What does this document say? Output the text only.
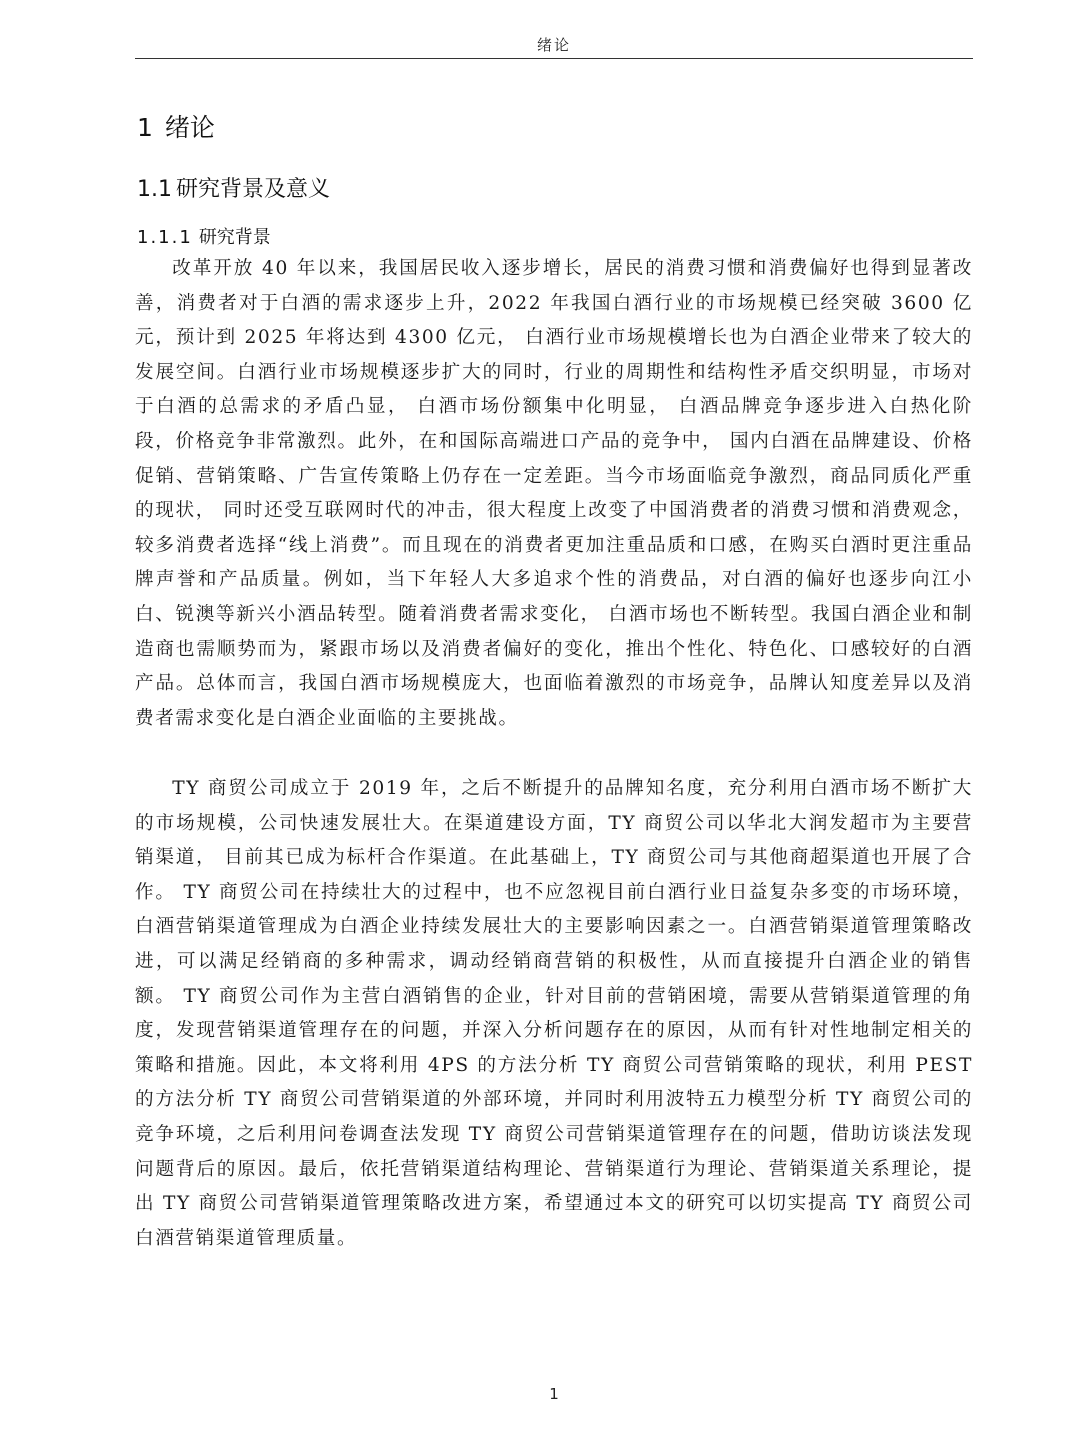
绪论
1 绪论
1.1 研究背景及意义
1.1.1 研究背景

改革开放 40 年以来，我国居民收入逐步增长，居民的消费习惯和消费偏好也得到显著改善，消费者对于白酒的需求逐步上升，2022 年我国白酒行业的市场规模已经突破 3600 亿元，预计到 2025 年将达到 4300 亿元， 白酒行业市场规模增长也为白酒企业带来了较大的发展空间。白酒行业市场规模逐步扩大的同时，行业的周期性和结构性矛盾交织明显，市场对于白酒的总需求的矛盾凸显， 白酒市场份额集中化明显， 白酒品牌竞争逐步进入白热化阶段，价格竞争非常激烈。此外，在和国际高端进口产品的竞争中， 国内白酒在品牌建设、价格促销、营销策略、广告宣传策略上仍存在一定差距。当今市场面临竞争激烈，商品同质化严重的现状， 同时还受互联网时代的冲击，很大程度上改变了中国消费者的消费习惯和消费观念，较多消费者选择“线上消费”。而且现在的消费者更加注重品质和口感，在购买白酒时更注重品牌声誉和产品质量。例如，当下年轻人大多追求个性的消费品，对白酒的偏好也逐步向江小白、锐澳等新兴小酒品转型。随着消费者需求变化， 白酒市场也不断转型。我国白酒企业和制造商也需顺势而为，紧跟市场以及消费者偏好的变化，推出个性化、特色化、口感较好的白酒产品。总体而言，我国白酒市场规模庞大，也面临着激烈的市场竞争，品牌认知度差异以及消费者需求变化是白酒企业面临的主要挑战。

TY 商贸公司成立于 2019 年，之后不断提升的品牌知名度，充分利用白酒市场不断扩大的市场规模，公司快速发展壮大。在渠道建设方面，TY 商贸公司以华北大润发超市为主要营销渠道， 目前其已成为标杆合作渠道。在此基础上，TY 商贸公司与其他商超渠道也开展了合作。 TY 商贸公司在持续壮大的过程中，也不应忽视目前白酒行业日益复杂多变的市场环境， 白酒营销渠道管理成为白酒企业持续发展壮大的主要影响因素之一。白酒营销渠道管理策略改进，可以满足经销商的多种需求，调动经销商营销的积极性，从而直接提升白酒企业的销售额。 TY 商贸公司作为主营白酒销售的企业，针对目前的营销困境，需要从营销渠道管理的角度，发现营销渠道管理存在的问题，并深入分析问题存在的原因，从而有针对性地制定相关的策略和措施。因此，本文将利用 4PS 的方法分析 TY 商贸公司营销策略的现状，利用 PEST 的方法分析 TY 商贸公司营销渠道的外部环境，并同时利用波特五力模型分析 TY 商贸公司的竞争环境，之后利用问卷调查法发现 TY 商贸公司营销渠道管理存在的问题，借助访谈法发现问题背后的原因。最后，依托营销渠道结构理论、营销渠道行为理论、营销渠道关系理论，提出 TY 商贸公司营销渠道管理策略改进方案，希望通过本文的研究可以切实提高 TY 商贸公司白酒营销渠道管理质量。

1
